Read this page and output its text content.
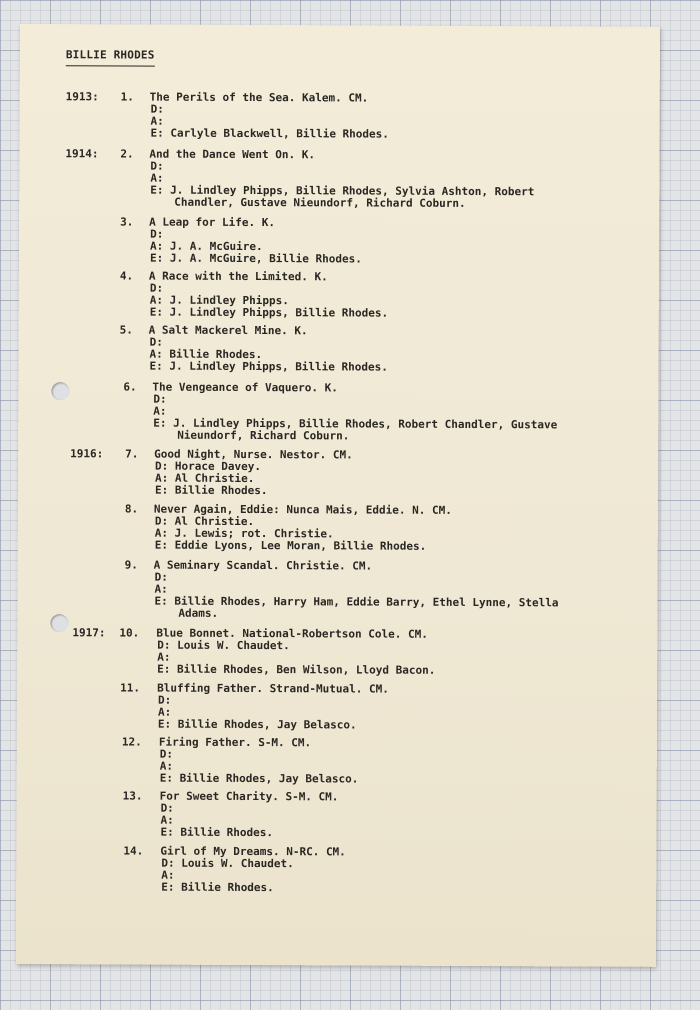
BILLIE RHODES
1913: 1. The Perils of the Sea. Kalem. CM.
D:
A:
E: Carlyle Blackwell, Billie Rhodes.
1914: 2. And the Dance Went On. K.
D:
A:
E: J. Lindley Phipps, Billie Rhodes, Sylvia Ashton, Robert
Chandler, Gustave Nieundorf, Richard Coburn.
3. A Leap for Life. K.
D:
A: J. A. McGuire.
E: J. A. McGuire, Billie Rhodes.
4. A Race with the Limited. K.
D:
A: J. Lindley Phipps.
E: J. Lindley Phipps, Billie Rhodes.
5. A Salt Mackerel Mine. K.
D:
A: Billie Rhodes.
E: J. Lindley Phipps, Billie Rhodes.
6. The Vengeance of Vaquero. K.
D:
A:
E: J. Lindley Phipps, Billie Rhodes, Robert Chandler, Gustave
Nieundorf, Richard Coburn.
1916: 7. Good Night, Nurse. Nestor. CM.
D: Horace Davey.
A: Al Christie.
E: Billie Rhodes.
8. Never Again, Eddie: Nunca Mais, Eddie. N. CM.
D: Al Christie.
A: J. Lewis; rot. Christie.
E: Eddie Lyons, Lee Moran, Billie Rhodes.
9. A Seminary Scandal. Christie. CM.
D:
A:
E: Billie Rhodes, Harry Ham, Eddie Barry, Ethel Lynne, Stella
Adams.
1917: 10. Blue Bonnet. National-Robertson Cole. CM.
D: Louis W. Chaudet.
A:
E: Billie Rhodes, Ben Wilson, Lloyd Bacon.
11. Bluffing Father. Strand-Mutual. CM.
D:
A:
E: Billie Rhodes, Jay Belasco.
12. Firing Father. S-M. CM.
D:
A:
E: Billie Rhodes, Jay Belasco.
13. For Sweet Charity. S-M. CM.
D:
A:
E: Billie Rhodes.
14. Girl of My Dreams. N-RC. CM.
D: Louis W. Chaudet.
A:
E: Billie Rhodes.
